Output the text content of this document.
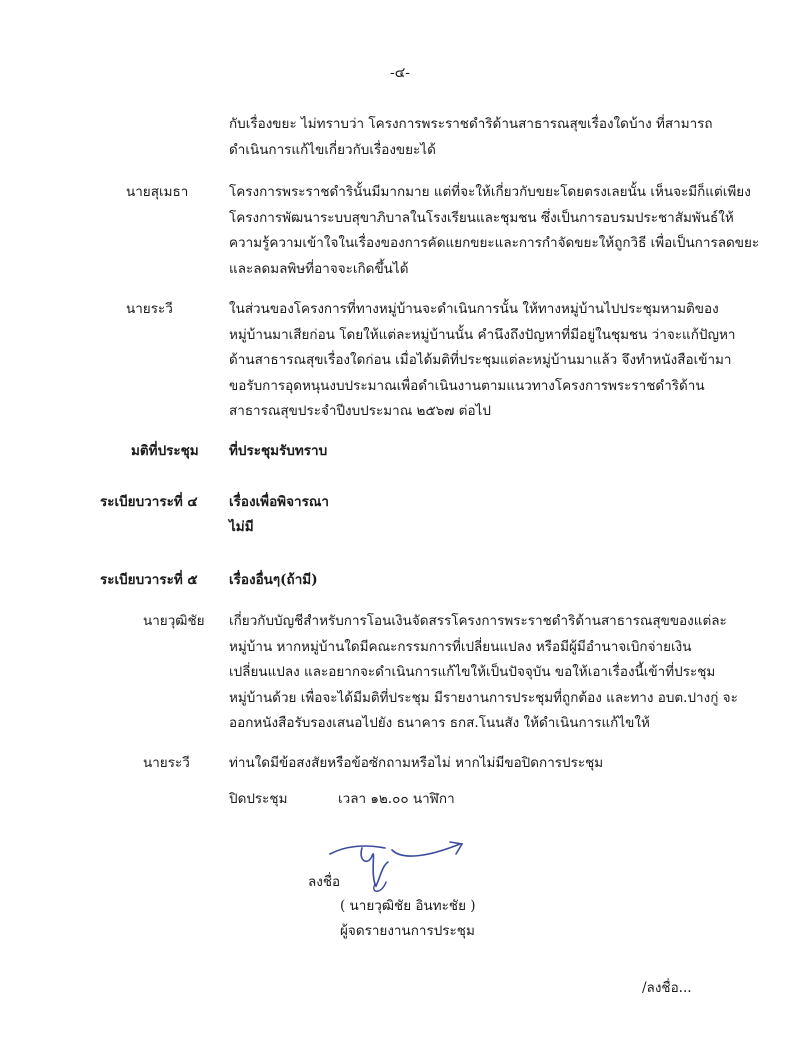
-๔-
กับเรื่องขยะ ไม่ทราบว่า โครงการพระราชดำริด้านสาธารณสุขเรื่องใดบ้าง ที่สามารถ
ดำเนินการแก้ไขเกี่ยวกับเรื่องขยะได้
นายสุเมธา	โครงการพระราชดำรินั้นมีมากมาย แต่ที่จะให้เกี่ยวกับขยะโดยตรงเลยนั้น เห็นจะมีก็แต่เพียง
โครงการพัฒนาระบบสุขาภิบาลในโรงเรียนและชุมชน ซึ่งเป็นการอบรมประชาสัมพันธ์ให้
ความรู้ความเข้าใจในเรื่องของการคัดแยกขยะและการกำจัดขยะให้ถูกวิธี เพื่อเป็นการลดขยะ
และลดมลพิษที่อาจจะเกิดขึ้นได้
นายระวี	ในส่วนของโครงการที่ทางหมู่บ้านจะดำเนินการนั้น ให้ทางหมู่บ้านไปประชุมหามติของ
หมู่บ้านมาเสียก่อน โดยให้แต่ละหมู่บ้านนั้น คำนึงถึงปัญหาที่มีอยู่ในชุมชน ว่าจะแก้ปัญหา
ด้านสาธารณสุขเรื่องใดก่อน เมื่อได้มติที่ประชุมแต่ละหมู่บ้านมาแล้ว จึงทำหนังสือเข้ามา
ขอรับการอุดหนุนงบประมาณเพื่อดำเนินงานตามแนวทางโครงการพระราชดำริด้าน
สาธารณสุขประจำปีงบประมาณ ๒๕๖๗ ต่อไป
มติที่ประชุม ที่ประชุมรับทราบ
ระเบียบวาระที่ ๔ เรื่องเพื่อพิจารณา
ไม่มี
ระเบียบวาระที่ ๕ เรื่องอื่นๆ(ถ้ามี)
นายวุฒิชัย เกี่ยวกับบัญชีสำหรับการโอนเงินจัดสรรโครงการพระราชดำริด้านสาธารณสุขของแต่ละ
หมู่บ้าน หากหมู่บ้านใดมีคณะกรรมการที่เปลี่ยนแปลง หรือมีผู้มีอำนาจเบิกจ่ายเงิน
เปลี่ยนแปลง และอยากจะดำเนินการแก้ไขให้เป็นปัจจุบัน ขอให้เอาเรื่องนี้เข้าที่ประชุม
หมู่บ้านด้วย เพื่อจะได้มีมติที่ประชุม มีรายงานการประชุมที่ถูกต้อง และทาง อบต.ปางกู่ จะ
ออกหนังสือรับรองเสนอไปยัง ธนาคาร ธกส.โนนสัง ให้ดำเนินการแก้ไขให้
นายระวี	ท่านใดมีข้อสงสัยหรือข้อซักถามหรือไม่ หากไม่มีขอปิดการประชุม
ปิดประชุม	เวลา ๑๒.๐๐ นาฬิกา
ลงชื่อ
( นายวุฒิชัย อินทะชัย )
ผู้จดรายงานการประชุม
/ลงชื่อ...
